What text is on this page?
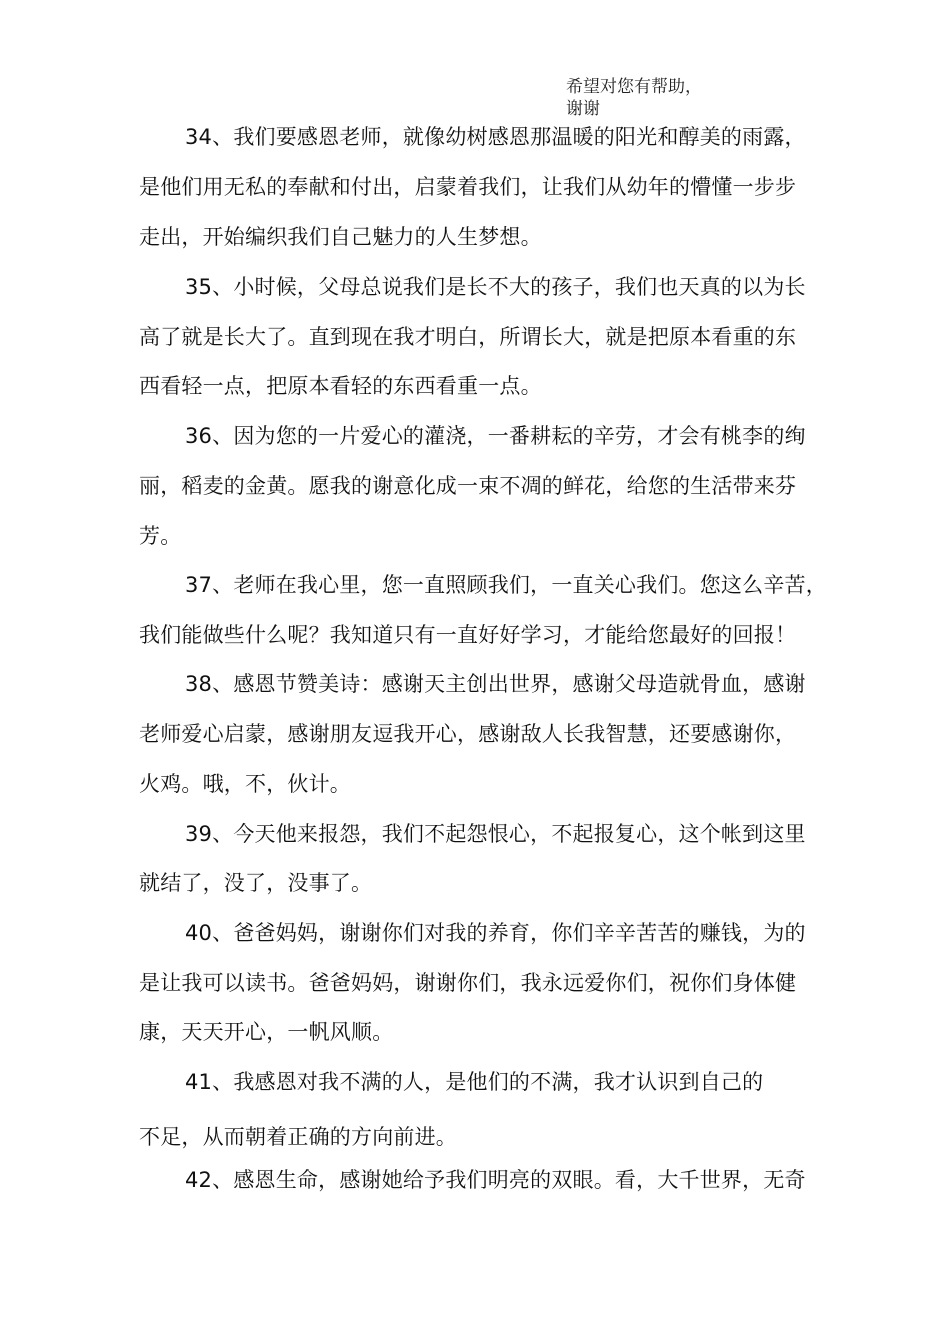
希望对您有帮助，
谢谢
34、我们要感恩老师，就像幼树感恩那温暖的阳光和醇美的雨露，
是他们用无私的奉献和付出，启蒙着我们，让我们从幼年的懵懂一步步
走出，开始编织我们自己魅力的人生梦想。
35、小时候，父母总说我们是长不大的孩子，我们也天真的以为长
高了就是长大了。直到现在我才明白，所谓长大，就是把原本看重的东
西看轻一点，把原本看轻的东西看重一点。
36、因为您的一片爱心的灌浇，一番耕耘的辛劳，才会有桃李的绚
丽，稻麦的金黄。愿我的谢意化成一束不凋的鲜花，给您的生活带来芬
芳。
37、老师在我心里，您一直照顾我们，一直关心我们。您这么辛苦，
我们能做些什么呢？我知道只有一直好好学习，才能给您最好的回报！
38、感恩节赞美诗：感谢天主创出世界，感谢父母造就骨血，感谢
老师爱心启蒙，感谢朋友逗我开心，感谢敌人长我智慧，还要感谢你，
火鸡。哦，不，伙计。
39、今天他来报怨，我们不起怨恨心，不起报复心，这个帐到这里
就结了，没了，没事了。
40、爸爸妈妈，谢谢你们对我的养育，你们辛辛苦苦的赚钱，为的
是让我可以读书。爸爸妈妈，谢谢你们，我永远爱你们，祝你们身体健
康，天天开心，一帆风顺。
41、我感恩对我不满的人，是他们的不满，我才认识到自己的
不足，从而朝着正确的方向前进。
42、感恩生命，感谢她给予我们明亮的双眼。看，大千世界，无奇
